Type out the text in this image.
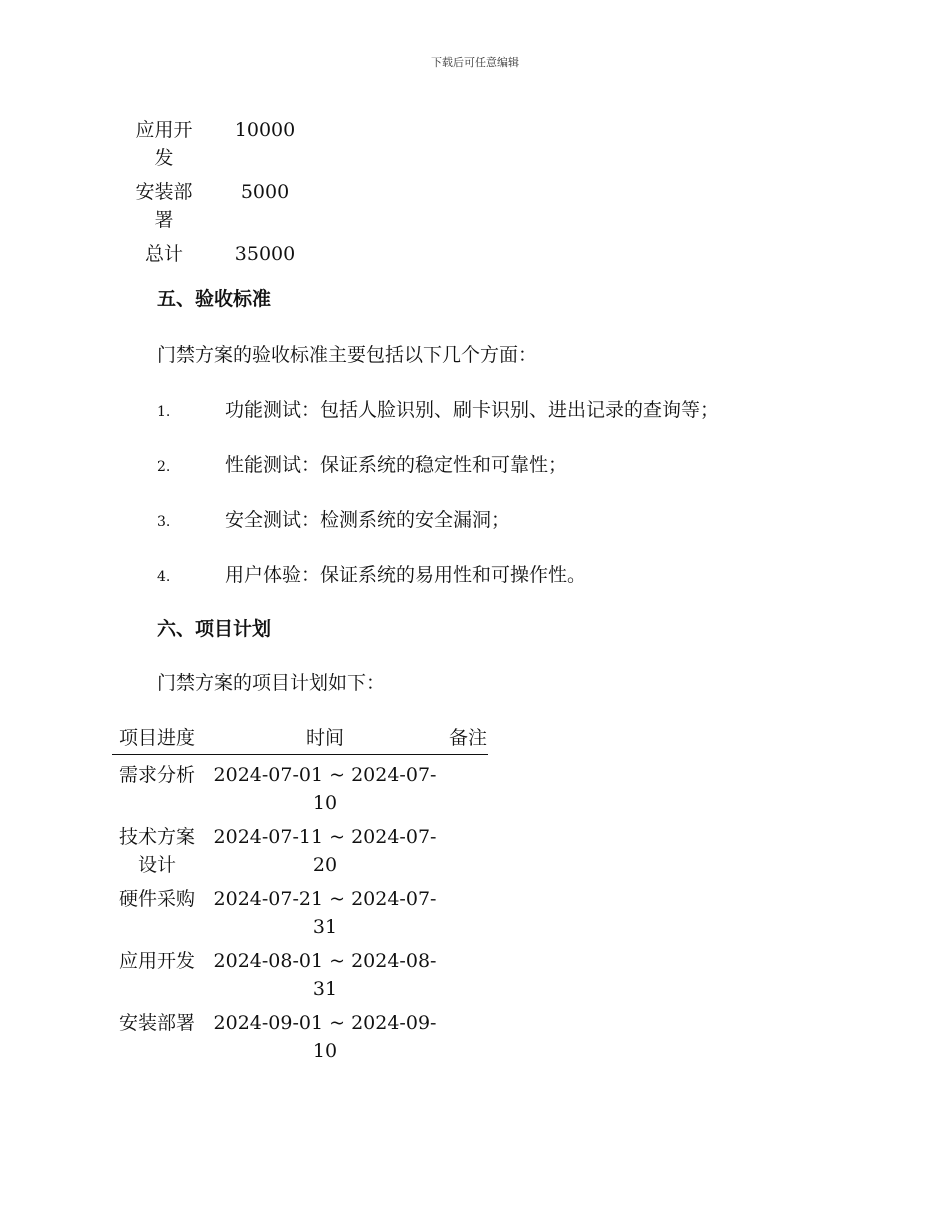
下载后可任意编辑
应用开发	10000
安装部署	5000
总计	35000
五、验收标准
门禁方案的验收标准主要包括以下几个方面：
1.	功能测试：包括人脸识别、刷卡识别、进出记录的查询等；
2.	性能测试：保证系统的稳定性和可靠性；
3.	安全测试：检测系统的安全漏洞；
4.	用户体验：保证系统的易用性和可操作性。
六、项目计划
门禁方案的项目计划如下：
项目进度	时间	备注
需求分析	2024-07-01 ~ 2024-07-10	
技术方案设计	2024-07-11 ~ 2024-07-20	
硬件采购	2024-07-21 ~ 2024-07-31	
应用开发	2024-08-01 ~ 2024-08-31	
安装部署	2024-09-01 ~ 2024-09-10	
